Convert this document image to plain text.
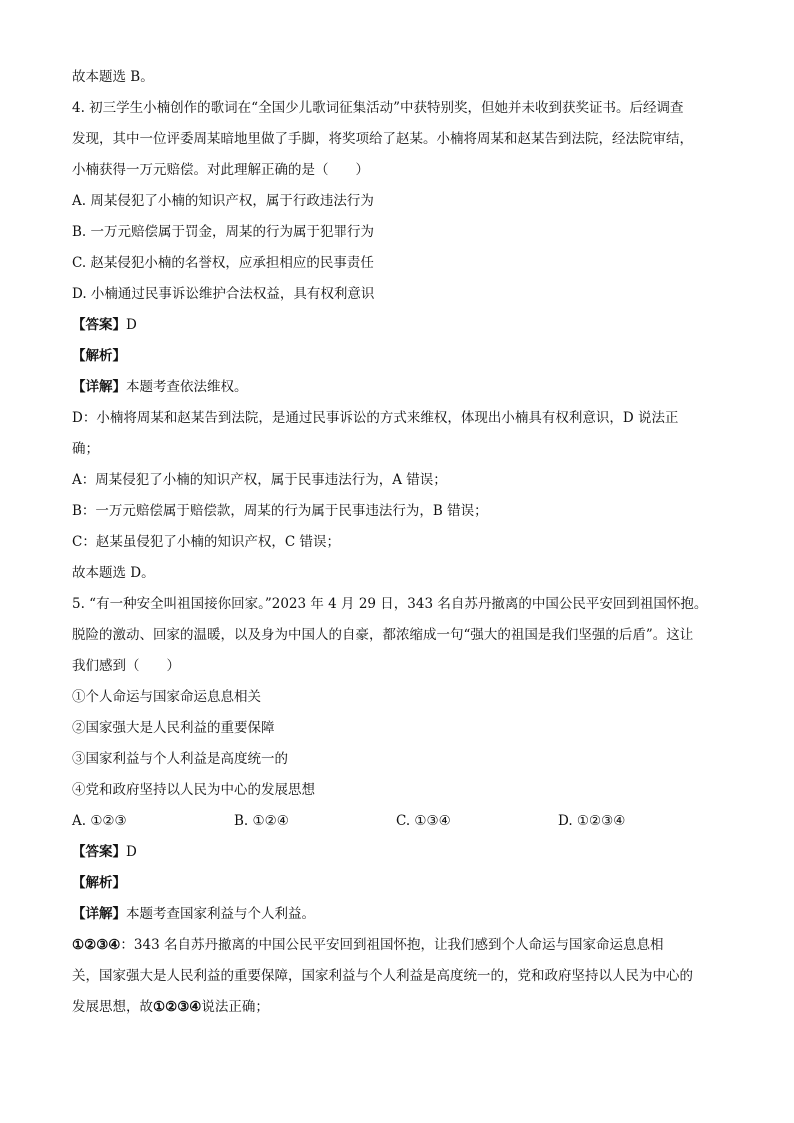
故本题选 B。
4. 初三学生小楠创作的歌词在“全国少儿歌词征集活动”中获特别奖，但她并未收到获奖证书。后经调查
发现，其中一位评委周某暗地里做了手脚，将奖项给了赵某。小楠将周某和赵某告到法院，经法院审结，
小楠获得一万元赔偿。对此理解正确的是（　　）
A. 周某侵犯了小楠的知识产权，属于行政违法行为
B. 一万元赔偿属于罚金，周某的行为属于犯罪行为
C. 赵某侵犯小楠的名誉权，应承担相应的民事责任
D. 小楠通过民事诉讼维护合法权益，具有权利意识
【答案】D
【解析】
【详解】本题考查依法维权。
D：小楠将周某和赵某告到法院，是通过民事诉讼的方式来维权，体现出小楠具有权利意识，D 说法正
确；
A：周某侵犯了小楠的知识产权，属于民事违法行为，A 错误；
B：一万元赔偿属于赔偿款，周某的行为属于民事违法行为，B 错误；
C：赵某虽侵犯了小楠的知识产权，C 错误；
故本题选 D。
5. “有一种安全叫祖国接你回家。”2023 年 4 月 29 日，343 名自苏丹撤离的中国公民平安回到祖国怀抱。
脱险的激动、回家的温暖，以及身为中国人的自豪，都浓缩成一句“强大的祖国是我们坚强的后盾”。这让
我们感到（　　）
①个人命运与国家命运息息相关
②国家强大是人民利益的重要保障
③国家利益与个人利益是高度统一的
④党和政府坚持以人民为中心的发展思想
A. ①②③	B. ①②④	C. ①③④	D. ①②③④
【答案】D
【解析】
【详解】本题考查国家利益与个人利益。
①②③④：343 名自苏丹撤离的中国公民平安回到祖国怀抱，让我们感到个人命运与国家命运息息相
关，国家强大是人民利益的重要保障，国家利益与个人利益是高度统一的，党和政府坚持以人民为中心的
发展思想，故①②③④说法正确；
